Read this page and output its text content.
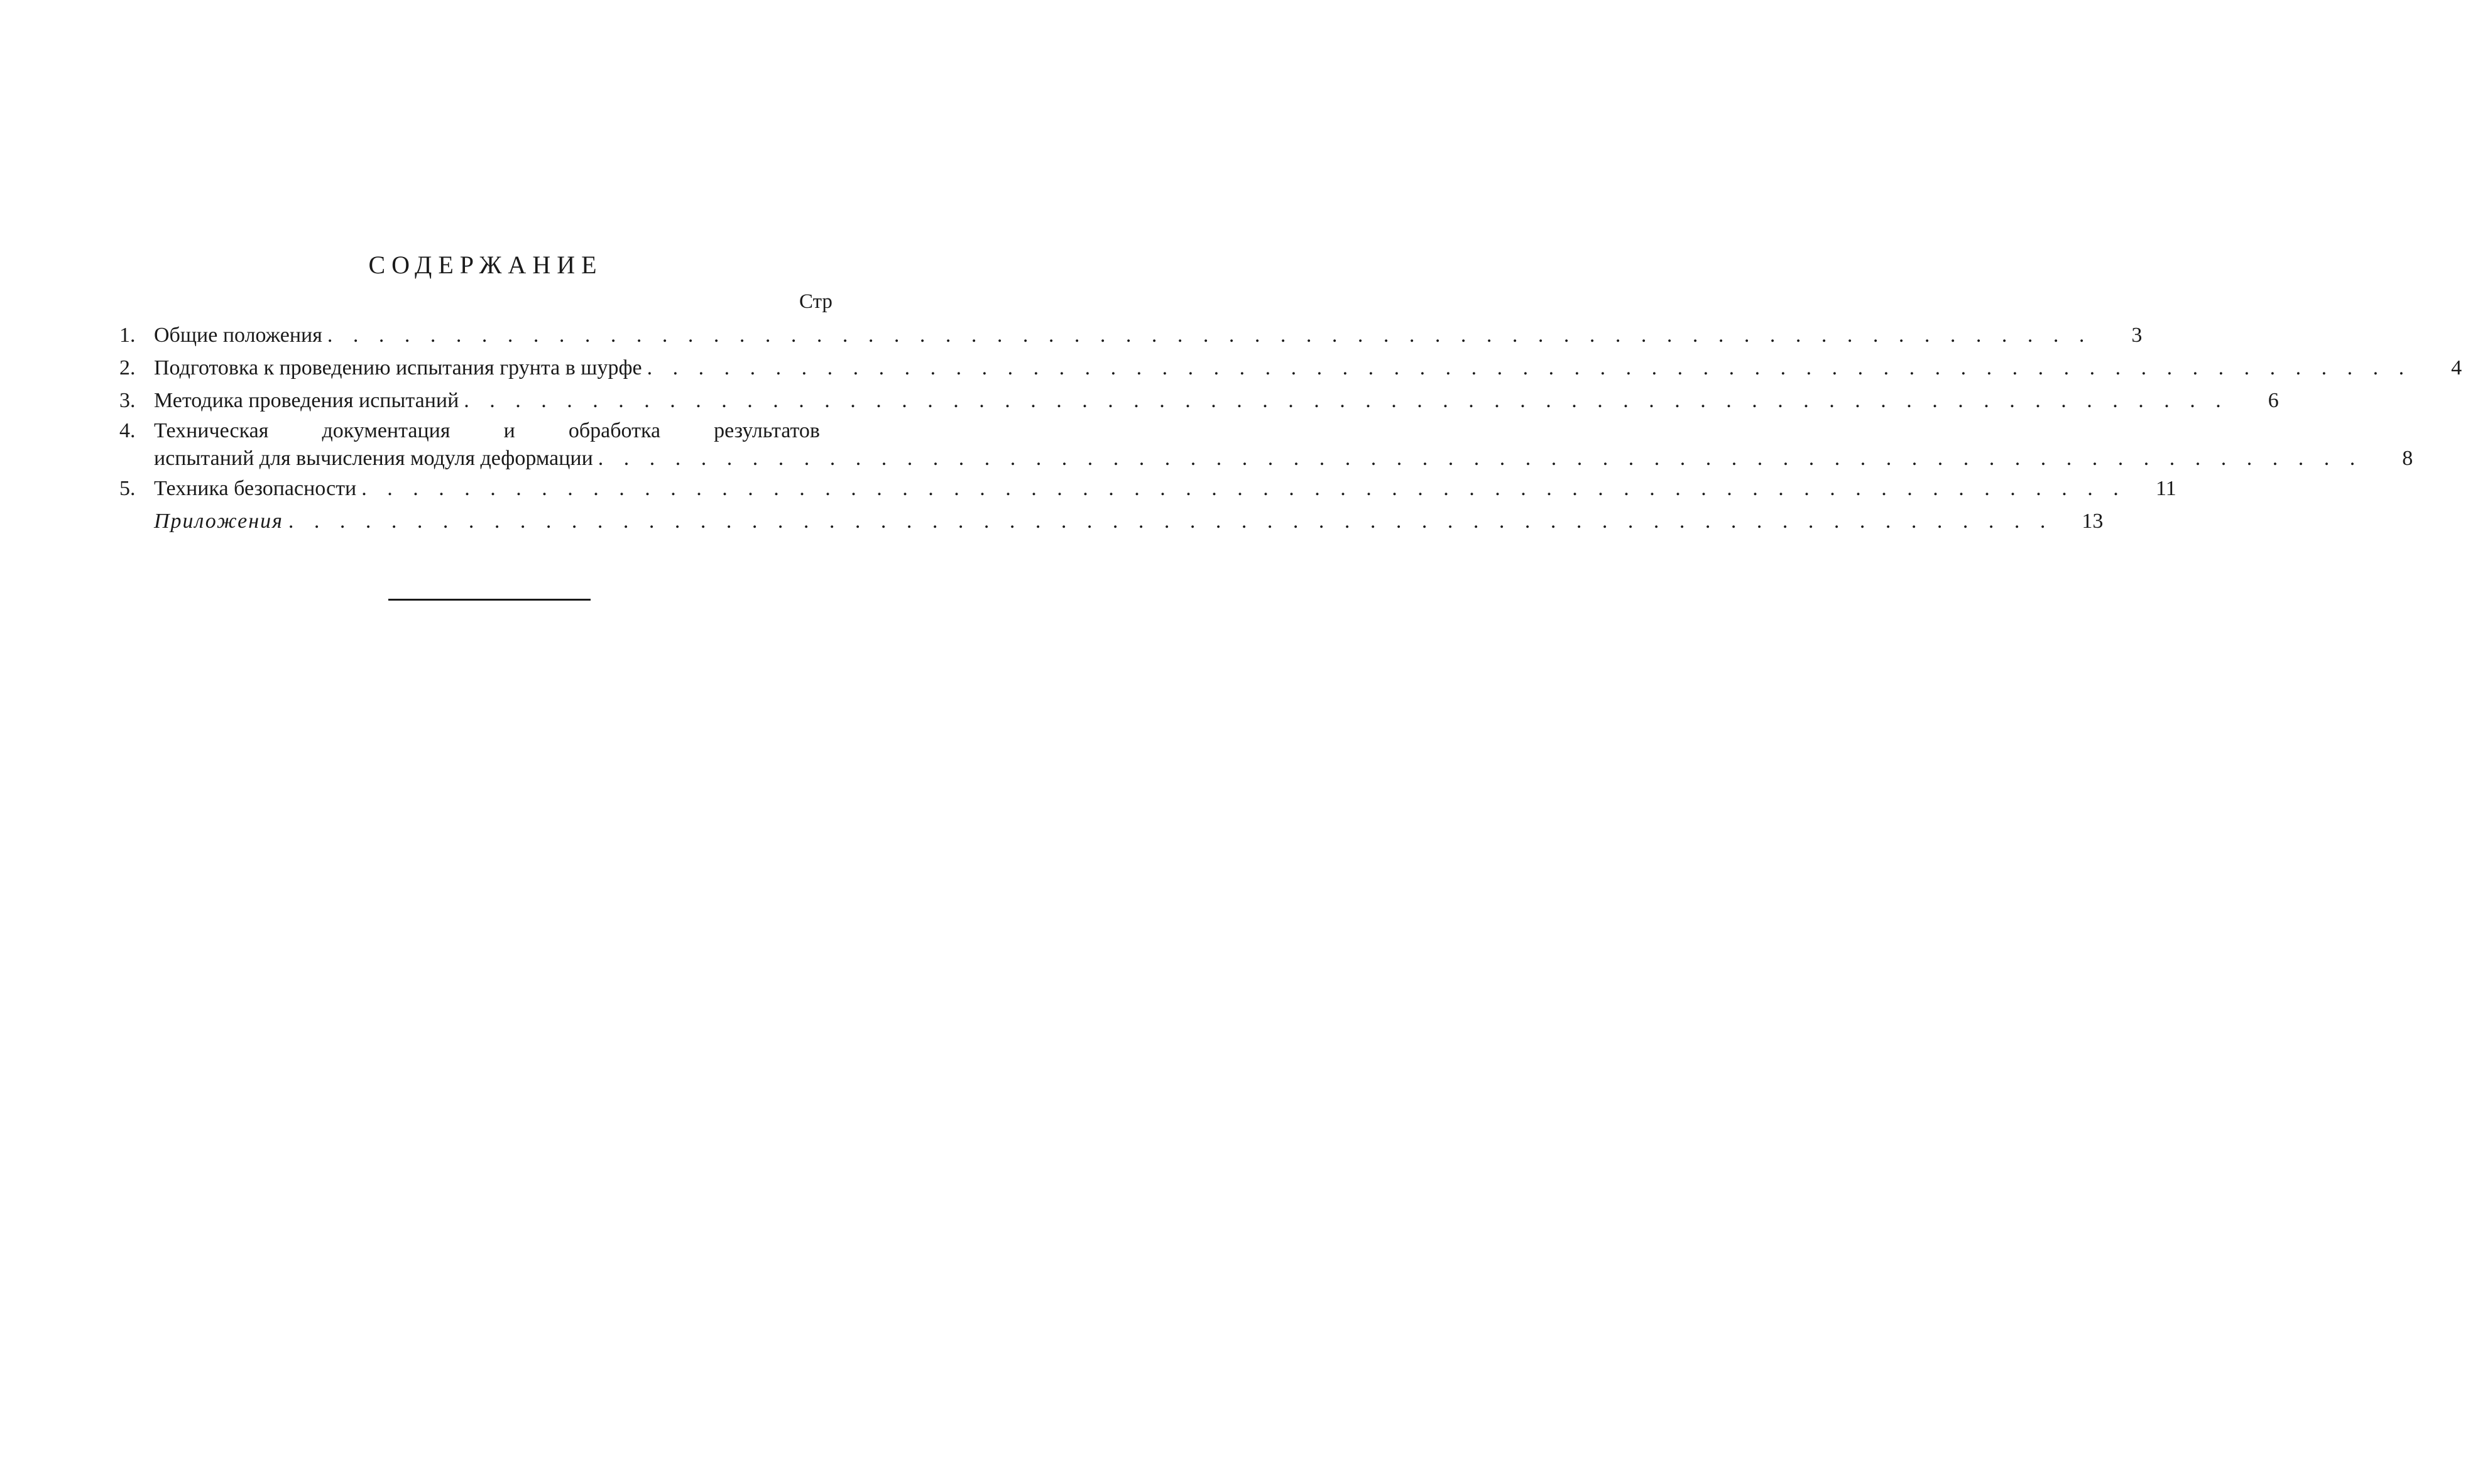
СОДЕРЖАНИЕ
Стр
1. Общие положения . . .	3
2. Подготовка к проведению испытания грунта в шурфе . . .	4
3. Методика проведения испытаний . . .	6
4. Техническая	документация	и	обработка	результатов
испытаний для вычисления модуля деформации . . .	8
5. Техника безопасности . . .	11
Приложения . . .	13
